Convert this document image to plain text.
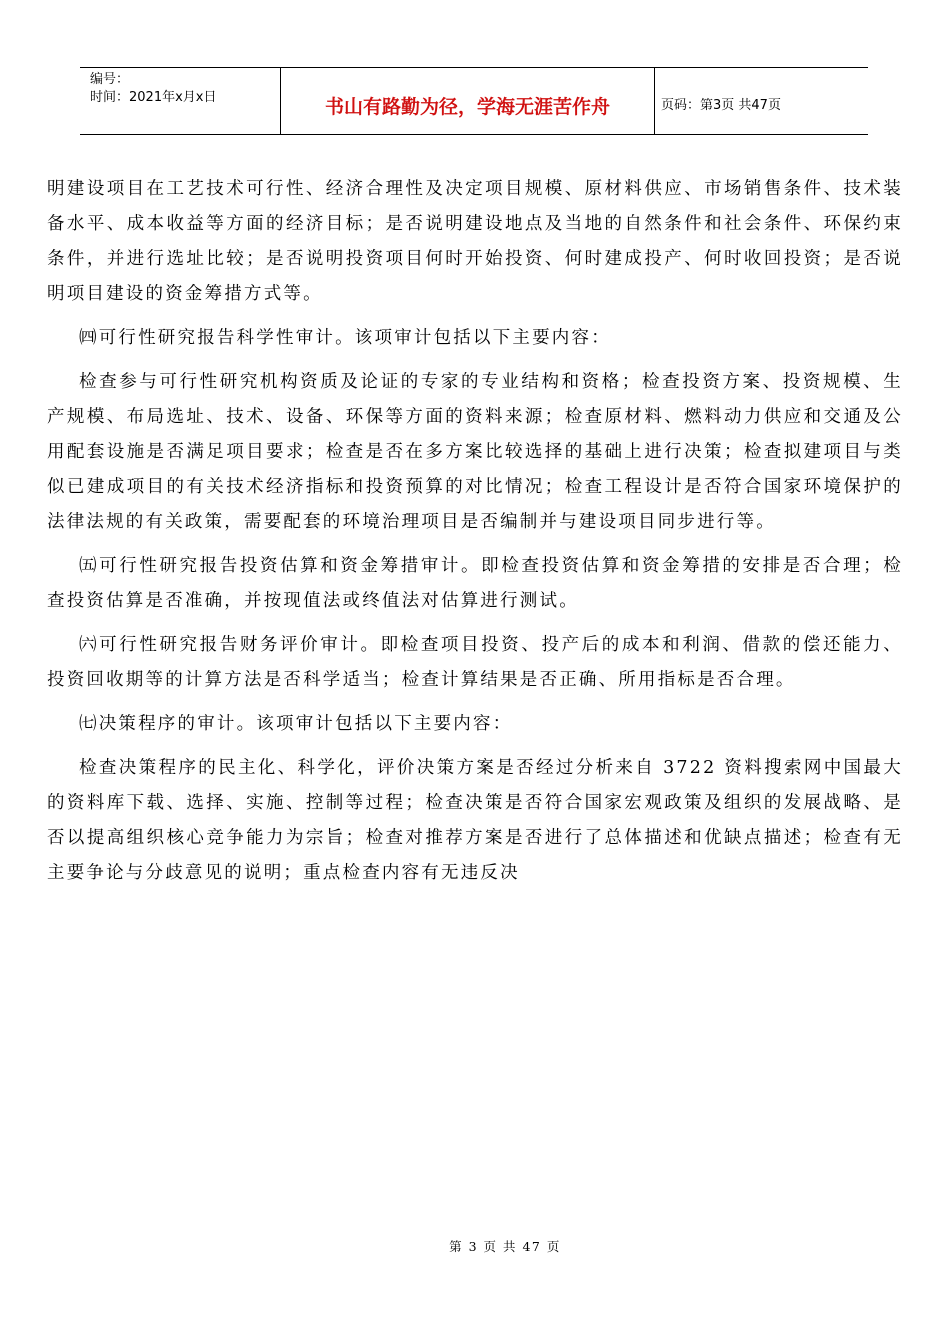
编号：
时间：2021年x月x日	书山有路勤为径，学海无涯苦作舟	页码：第3页 共47页

明建设项目在工艺技术可行性、经济合理性及决定项目规模、原材料供应、市场销售条件、技术装备水平、成本收益等方面的经济目标；是否说明建设地点及当地的自然条件和社会条件、环保约束条件，并进行选址比较；是否说明投资项目何时开始投资、何时建成投产、何时收回投资；是否说明项目建设的资金筹措方式等。

㈣可行性研究报告科学性审计。该项审计包括以下主要内容：

检查参与可行性研究机构资质及论证的专家的专业结构和资格；检查投资方案、投资规模、生产规模、布局选址、技术、设备、环保等方面的资料来源；检查原材料、燃料动力供应和交通及公用配套设施是否满足项目要求；检查是否在多方案比较选择的基础上进行决策；检查拟建项目与类似已建成项目的有关技术经济指标和投资预算的对比情况；检查工程设计是否符合国家环境保护的法律法规的有关政策，需要配套的环境治理项目是否编制并与建设项目同步进行等。

㈤可行性研究报告投资估算和资金筹措审计。即检查投资估算和资金筹措的安排是否合理；检查投资估算是否准确，并按现值法或终值法对估算进行测试。

㈥可行性研究报告财务评价审计。即检查项目投资、投产后的成本和利润、借款的偿还能力、投资回收期等的计算方法是否科学适当；检查计算结果是否正确、所用指标是否合理。

㈦决策程序的审计。该项审计包括以下主要内容：

检查决策程序的民主化、科学化，评价决策方案是否经过分析来自 3722 资料搜索网中国最大的资料库下载、选择、实施、控制等过程；检查决策是否符合国家宏观政策及组织的发展战略、是否以提高组织核心竞争能力为宗旨；检查对推荐方案是否进行了总体描述和优缺点描述；检查有无主要争论与分歧意见的说明；重点检查内容有无违反决

第 3 页 共 47 页
